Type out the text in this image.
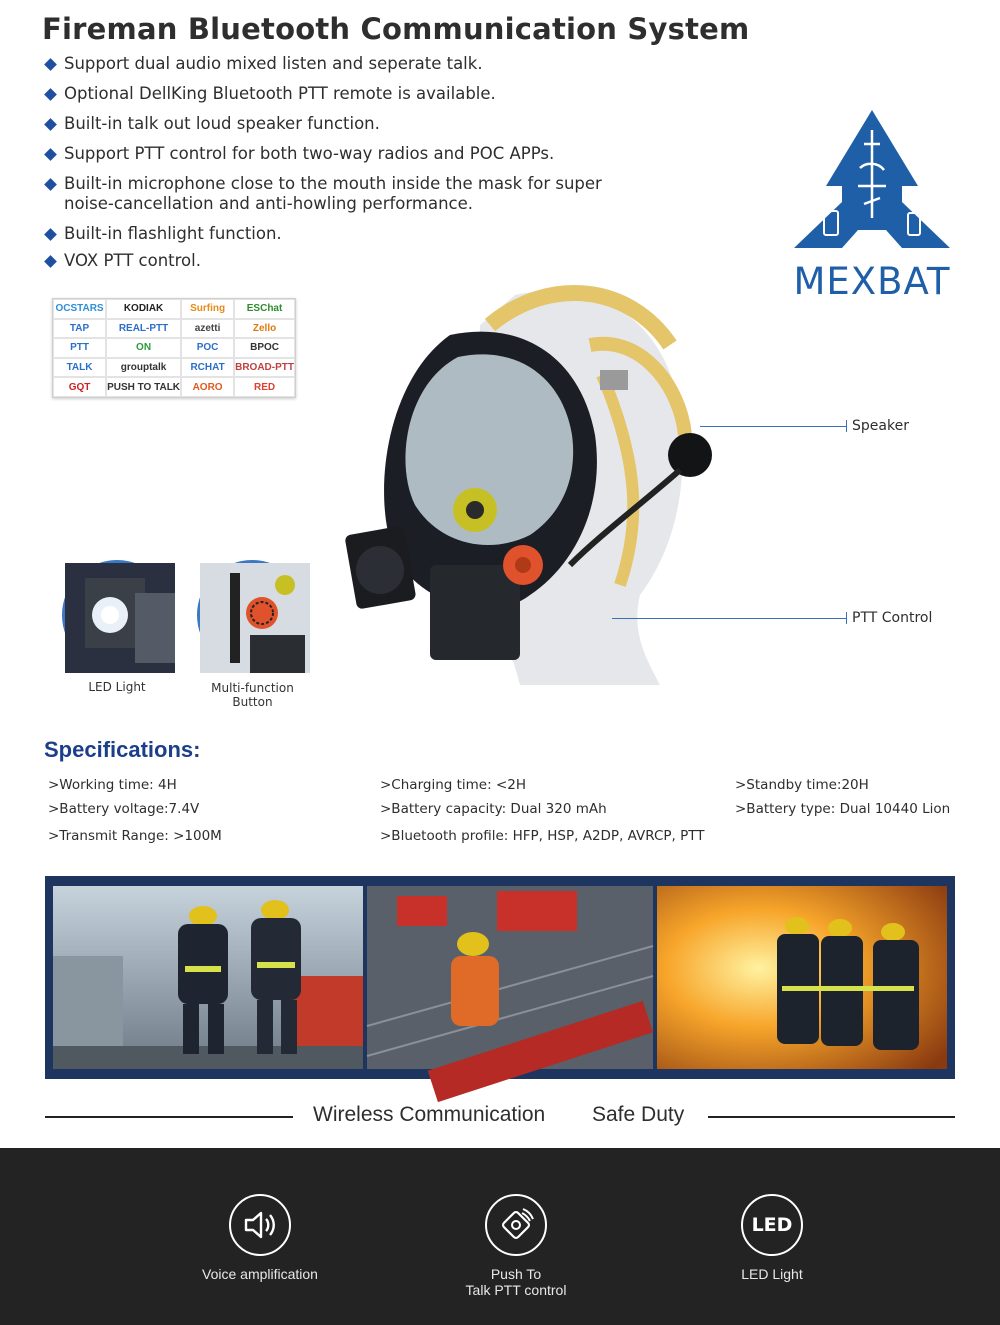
Fireman Bluetooth Communication System
Support dual audio mixed listen and seperate talk.
Optional DellKing Bluetooth PTT remote is available.
Built-in talk out loud speaker function.
Support PTT control for both two-way radios and POC APPs.
Built-in microphone close to the mouth inside the mask for super noise-cancellation and anti-howling performance.
Built-in flashlight function.
VOX PTT control.	MEXBAT
OCSTARS	KODIAK	Surfing	ESChat
TAP	REAL-PTT	azetti	Zello
PTT	ON	POC	BPOC
TALK	grouptalk	RCHAT	BROAD-PTT
GQT	PUSH TO TALK	AORO	RED
Speaker
PTT Control
LED Light	Multi-function
Button
Specifications:
>Working time: 4H	>Charging time: <2H	>Standby time:20H
>Battery voltage:7.4V	>Battery capacity: Dual 320 mAh	>Battery type: Dual 10440 Lion
>Transmit Range: >100M	>Bluetooth profile: HFP, HSP, A2DP, AVRCP, PTT
Wireless Communication Safe Duty
Voice amplification	Push To
Talk PTT control
LED
LED Light
